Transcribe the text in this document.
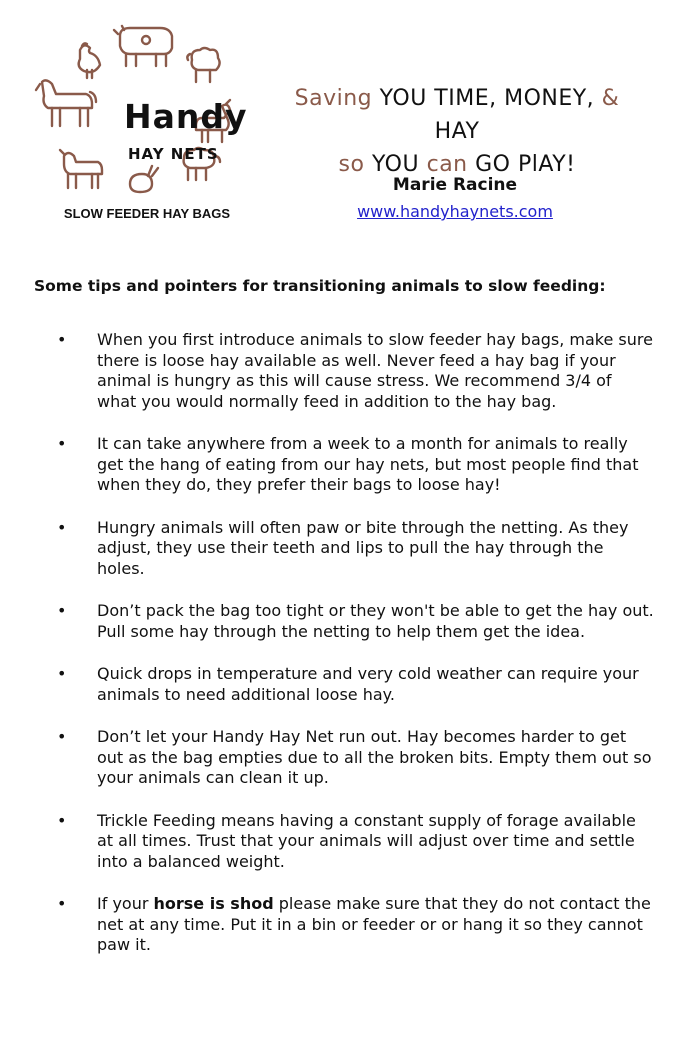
Handy
HAY NETS
SLOW FEEDER HAY BAGS
Saving YOU TIME, MONEY, & HAY
so YOU can GO PlAY!
Marie Racine
www.handyhaynets.com
Some tips and pointers for transitioning animals to slow feeding:
• When you first introduce animals to slow feeder hay bags, make sure there is loose hay available as well. Never feed a hay bag if your animal is hungry as this will cause stress. We recommend 3/4 of what you would normally feed in addition to the hay bag.
• It can take anywhere from a week to a month for animals to really get the hang of eating from our hay nets, but most people find that when they do, they prefer their bags to loose hay!
• Hungry animals will often paw or bite through the netting. As they adjust, they use their teeth and lips to pull the hay through the holes.
• Don’t pack the bag too tight or they won't be able to get the hay out. Pull some hay through the netting to help them get the idea.
• Quick drops in temperature and very cold weather can require your animals to need additional loose hay.
• Don’t let your Handy Hay Net run out. Hay becomes harder to get out as the bag empties due to all the broken bits. Empty them out so your animals can clean it up.
• Trickle Feeding means having a constant supply of forage available at all times. Trust that your animals will adjust over time and settle into a balanced weight.
• If your horse is shod please make sure that they do not contact the net at any time. Put it in a bin or feeder or or hang it so they cannot paw it.
